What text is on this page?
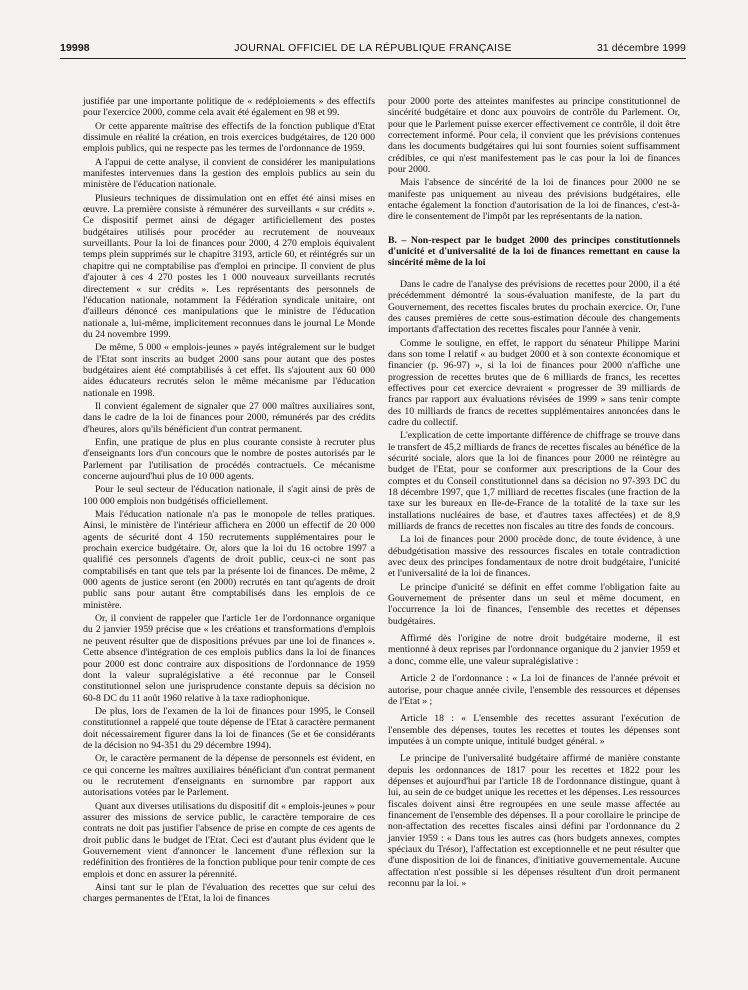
19998	JOURNAL OFFICIEL DE LA RÉPUBLIQUE FRANÇAISE	31 décembre 1999

justifiée par une importante politique de « redéploiements » des effectifs pour l'exercice 2000, comme cela avait été également en 98 et 99.

Or cette apparente maîtrise des effectifs de la fonction publique d'Etat dissimule en réalité la création, en trois exercices budgétaires, de 120 000 emplois publics, qui ne respecte pas les termes de l'ordonnance de 1959.

A l'appui de cette analyse, il convient de considérer les manipulations manifestes intervenues dans la gestion des emplois publics au sein du ministère de l'éducation nationale.

Plusieurs techniques de dissimulation ont en effet été ainsi mises en œuvre. La première consiste à rémunérer des surveillants « sur crédits ». Ce dispositif permet ainsi de dégager artificiellement des postes budgétaires utilisés pour procéder au recrutement de nouveaux surveillants. Pour la loi de finances pour 2000, 4 270 emplois équivalent temps plein supprimés sur le chapitre 3193, article 60, et réintégrés sur un chapitre qui ne comptabilise pas d'emploi en principe. Il convient de plus d'ajouter à ces 4 270 postes les 1 000 nouveaux surveillants recrutés directement « sur crédits ». Les représentants des personnels de l'éducation nationale, notamment la Fédération syndicale unitaire, ont d'ailleurs dénoncé ces manipulations que le ministre de l'éducation nationale a, lui-même, implicitement reconnues dans le journal Le Monde du 24 novembre 1999.

De même, 5 000 « emplois-jeunes » payés intégralement sur le budget de l'Etat sont inscrits au budget 2000 sans pour autant que des postes budgétaires aient été comptabilisés à cet effet. Ils s'ajoutent aux 60 000 aides éducateurs recrutés selon le même mécanisme par l'éducation nationale en 1998.

Il convient également de signaler que 27 000 maîtres auxiliaires sont, dans le cadre de la loi de finances pour 2000, rémunérés par des crédits d'heures, alors qu'ils bénéficient d'un contrat permanent.

Enfin, une pratique de plus en plus courante consiste à recruter plus d'enseignants lors d'un concours que le nombre de postes autorisés par le Parlement par l'utilisation de procédés contractuels. Ce mécanisme concerne aujourd'hui plus de 10 000 agents.

Pour le seul secteur de l'éducation nationale, il s'agit ainsi de près de 100 000 emplois non budgétisés officiellement.

Mais l'éducation nationale n'a pas le monopole de telles pratiques. Ainsi, le ministère de l'intérieur affichera en 2000 un effectif de 20 000 agents de sécurité dont 4 150 recrutements supplémentaires pour le prochain exercice budgétaire. Or, alors que la loi du 16 octobre 1997 a qualifié ces personnels d'agents de droit public, ceux-ci ne sont pas comptabilisés en tant que tels par la présente loi de finances. De même, 2 000 agents de justice seront (en 2000) recrutés en tant qu'agents de droit public sans pour autant être comptabilisés dans les emplois de ce ministère.

Or, il convient de rappeler que l'article 1er de l'ordonnance organique du 2 janvier 1959 précise que « les créations et transformations d'emplois ne peuvent résulter que de dispositions prévues par une loi de finances ». Cette absence d'intégration de ces emplois publics dans la loi de finances pour 2000 est donc contraire aux dispositions de l'ordonnance de 1959 dont la valeur supralégislative a été reconnue par le Conseil constitutionnel selon une jurisprudence constante depuis sa décision no 60-8 DC du 11 août 1960 relative à la taxe radiophonique.

De plus, lors de l'examen de la loi de finances pour 1995, le Conseil constitutionnel a rappelé que toute dépense de l'Etat à caractère permanent doit nécessairement figurer dans la loi de finances (5e et 6e considérants de la décision no 94-351 du 29 décembre 1994).

Or, le caractère permanent de la dépense de personnels est évident, en ce qui concerne les maîtres auxiliaires bénéficiant d'un contrat permanent ou le recrutement d'enseignants en surnombre par rapport aux autorisations votées par le Parlement.

Quant aux diverses utilisations du dispositif dit « emplois-jeunes » pour assurer des missions de service public, le caractère temporaire de ces contrats ne doit pas justifier l'absence de prise en compte de ces agents de droit public dans le budget de l'Etat. Ceci est d'autant plus évident que le Gouvernement vient d'annoncer le lancement d'une réflexion sur la redéfinition des frontières de la fonction publique pour tenir compte de ces emplois et donc en assurer la pérennité.

Ainsi tant sur le plan de l'évaluation des recettes que sur celui des charges permanentes de l'Etat, la loi de finances

pour 2000 porte des atteintes manifestes au principe constitutionnel de sincérité budgétaire et donc aux pouvoirs de contrôle du Parlement. Or, pour que le Parlement puisse exercer effectivement ce contrôle, il doit être correctement informé. Pour cela, il convient que les prévisions contenues dans les documents budgétaires qui lui sont fournies soient suffisamment crédibles, ce qui n'est manifestement pas le cas pour la loi de finances pour 2000.

Mais l'absence de sincérité de la loi de finances pour 2000 ne se manifeste pas uniquement au niveau des prévisions budgétaires, elle entache également la fonction d'autorisation de la loi de finances, c'est-à-dire le consentement de l'impôt par les représentants de la nation.

B. – Non-respect par le budget 2000 des principes constitutionnels d'unicité et d'universalité de la loi de finances remettant en cause la sincérité même de la loi

Dans le cadre de l'analyse des prévisions de recettes pour 2000, il a été précédemment démontré la sous-évaluation manifeste, de la part du Gouvernement, des recettes fiscales brutes du prochain exercice. Or, l'une des causes premières de cette sous-estimation découle des changements importants d'affectation des recettes fiscales pour l'année à venir.

Comme le souligne, en effet, le rapport du sénateur Philippe Marini dans son tome I relatif « au budget 2000 et à son contexte économique et financier (p. 96-97) », si la loi de finances pour 2000 n'affiche une progression de recettes brutes que de 6 milliards de francs, les recettes effectives pour cet exercice devraient « progresser de 39 milliards de francs par rapport aux évaluations révisées de 1999 » sans tenir compte des 10 milliards de francs de recettes supplémentaires annoncées dans le cadre du collectif.

L'explication de cette importante différence de chiffrage se trouve dans le transfert de 45,2 milliards de francs de recettes fiscales au bénéfice de la sécurité sociale, alors que la loi de finances pour 2000 ne réintègre au budget de l'Etat, pour se conformer aux prescriptions de la Cour des comptes et du Conseil constitutionnel dans sa décision no 97-393 DC du 18 décembre 1997, que 1,7 milliard de recettes fiscales (une fraction de la taxe sur les bureaux en Ile-de-France de la totalité de la taxe sur les installations nucléaires de base, et d'autres taxes affectées) et de 8,9 milliards de francs de recettes non fiscales au titre des fonds de concours.

La loi de finances pour 2000 procède donc, de toute évidence, à une débudgétisation massive des ressources fiscales en totale contradiction avec deux des principes fondamentaux de notre droit budgétaire, l'unicité et l'universalité de la loi de finances.

Le principe d'unicité se définit en effet comme l'obligation faite au Gouvernement de présenter dans un seul et même document, en l'occurrence la loi de finances, l'ensemble des recettes et dépenses budgétaires.

Affirmé dès l'origine de notre droit budgétaire moderne, il est mentionné à deux reprises par l'ordonnance organique du 2 janvier 1959 et a donc, comme elle, une valeur supralégislative :

Article 2 de l'ordonnance : « La loi de finances de l'année prévoit et autorise, pour chaque année civile, l'ensemble des ressources et dépenses de l'Etat » ;

Article 18 : « L'ensemble des recettes assurant l'exécution de l'ensemble des dépenses, toutes les recettes et toutes les dépenses sont imputées à un compte unique, intitulé budget général. »

Le principe de l'universalité budgétaire affirmé de manière constante depuis les ordonnances de 1817 pour les recettes et 1822 pour les dépenses et aujourd'hui par l'article 18 de l'ordonnance distingue, quant à lui, au sein de ce budget unique les recettes et les dépenses. Les ressources fiscales doivent ainsi être regroupées en une seule masse affectée au financement de l'ensemble des dépenses. Il a pour corollaire le principe de non-affectation des recettes fiscales ainsi défini par l'ordonnance du 2 janvier 1959 : « Dans tous les autres cas (hors budgets annexes, comptes spéciaux du Trésor), l'affectation est exceptionnelle et ne peut résulter que d'une disposition de loi de finances, d'initiative gouvernementale. Aucune affectation n'est possible si les dépenses résultent d'un droit permanent reconnu par la loi. »
